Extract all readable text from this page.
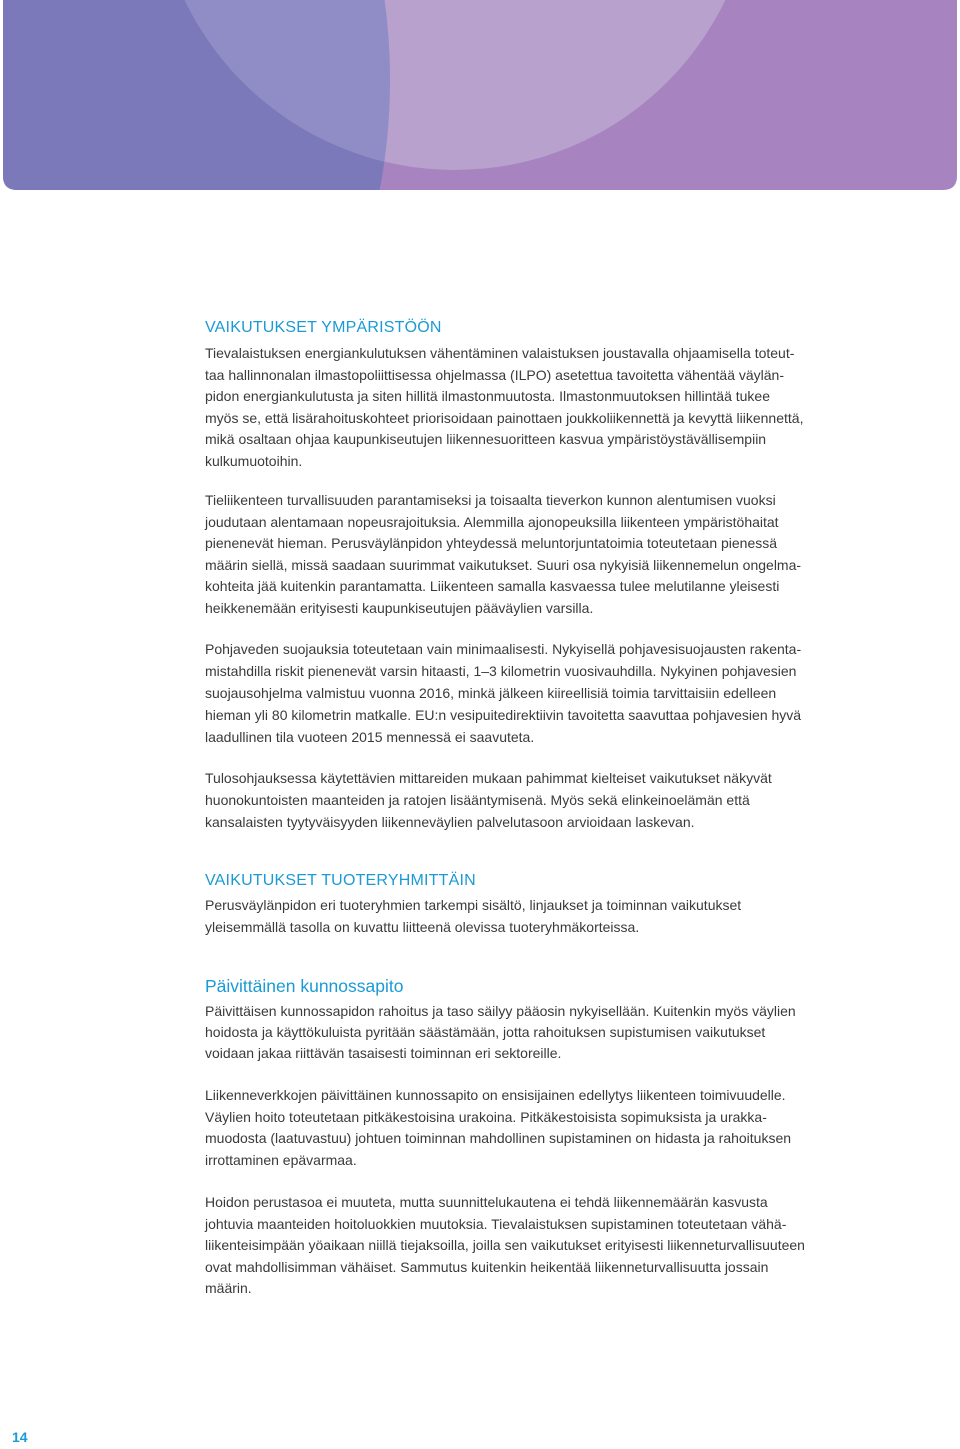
VAIKUTUKSET YMPÄRISTÖÖN
Tievalaistuksen energiankulutuksen vähentäminen valaistuksen joustavalla ohjaamisella toteut-
taa hallinnonalan ilmastopoliittisessa ohjelmassa (ILPO) asetettua tavoitetta vähentää väylän-
pidon energiankulutusta ja siten hillitä ilmastonmuutosta. Ilmastonmuutoksen hillintää tukee
myös se, että lisärahoituskohteet priorisoidaan painottaen joukkoliikennettä ja kevyttä liikennettä,
mikä osaltaan ohjaa kaupunkiseutujen liikennesuoritteen kasvua ympäristöystävällisempiin
kulkumuotoihin.
Tieliikenteen turvallisuuden parantamiseksi ja toisaalta tieverkon kunnon alentumisen vuoksi
joudutaan alentamaan nopeusrajoituksia. Alemmilla ajonopeuksilla liikenteen ympäristöhaitat
pienenevät hieman. Perusväylänpidon yhteydessä meluntorjuntatoimia toteutetaan pienessä
määrin siellä, missä saadaan suurimmat vaikutukset. Suuri osa nykyisiä liikennemelun ongelma-
kohteita jää kuitenkin parantamatta. Liikenteen samalla kasvaessa tulee melutilanne yleisesti
heikkenemään erityisesti kaupunkiseutujen pääväylien varsilla.
Pohjaveden suojauksia toteutetaan vain minimaalisesti. Nykyisellä pohjavesisuojausten rakenta-
mistahdilla riskit pienenevät varsin hitaasti, 1–3 kilometrin vuosivauhdilla. Nykyinen pohjavesien
suojausohjelma valmistuu vuonna 2016, minkä jälkeen kiireellisiä toimia tarvittaisiin edelleen
hieman yli 80 kilometrin matkalle. EU:n vesipuitedirektiivin tavoitetta saavuttaa pohjavesien hyvä
laadullinen tila vuoteen 2015 mennessä ei saavuteta.
Tulosohjauksessa käytettävien mittareiden mukaan pahimmat kielteiset vaikutukset näkyvät
huonokuntoisten maanteiden ja ratojen lisääntymisenä. Myös sekä elinkeinoelämän että
kansalaisten tyytyväisyyden liikenneväylien palvelutasoon arvioidaan laskevan.
VAIKUTUKSET TUOTERYHMITTÄIN
Perusväylänpidon eri tuoteryhmien tarkempi sisältö, linjaukset ja toiminnan vaikutukset
yleisemmällä tasolla on kuvattu liitteenä olevissa tuoteryhmäkorteissa.
Päivittäinen kunnossapito
Päivittäisen kunnossapidon rahoitus ja taso säilyy pääosin nykyisellään. Kuitenkin myös väylien
hoidosta ja käyttökuluista pyritään säästämään, jotta rahoituksen supistumisen vaikutukset
voidaan jakaa riittävän tasaisesti toiminnan eri sektoreille.
Liikenneverkkojen päivittäinen kunnossapito on ensisijainen edellytys liikenteen toimivuudelle.
Väylien hoito toteutetaan pitkäkestoisina urakoina. Pitkäkestoisista sopimuksista ja urakka-
muodosta (laatuvastuu) johtuen toiminnan mahdollinen supistaminen on hidasta ja rahoituksen
irrottaminen epävarmaa.
Hoidon perustasoa ei muuteta, mutta suunnittelukautena ei tehdä liikennemäärän kasvusta
johtuvia maanteiden hoitoluokkien muutoksia. Tievalaistuksen supistaminen toteutetaan vähä-
liikenteisimpään yöaikaan niillä tiejaksoilla, joilla sen vaikutukset erityisesti liikenneturvallisuuteen
ovat mahdollisimman vähäiset. Sammutus kuitenkin heikentää liikenneturvallisuutta jossain
määrin.
14
